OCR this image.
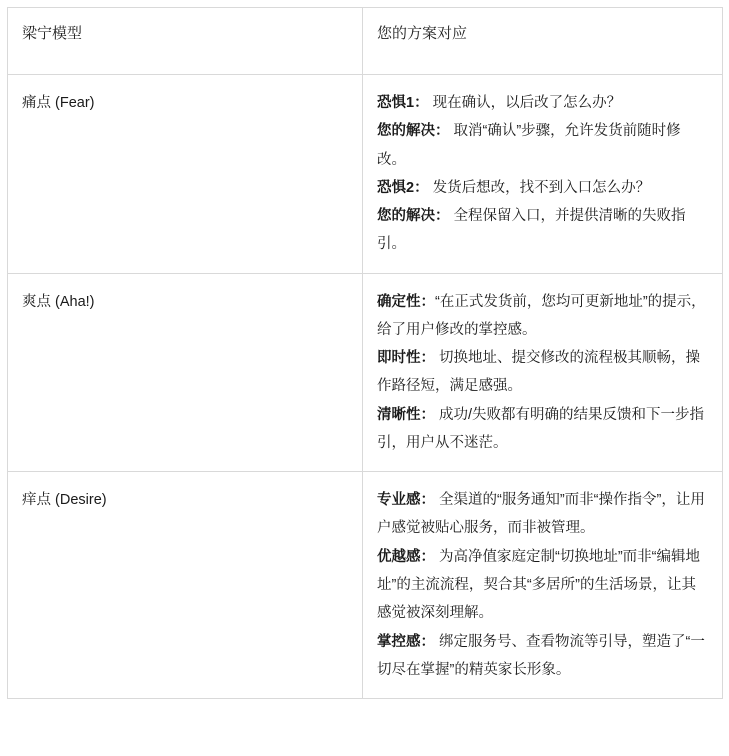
梁宁模型	您的方案对应
痛点 (Fear)	恐惧1： 现在确认，以后改了怎么办？

您的解决： 取消“确认”步骤，允许发货前随时修改。

恐惧2： 发货后想改，找不到入口怎么办？

您的解决： 全程保留入口，并提供清晰的失败指引。

爽点 (Aha!)	确定性：“在正式发货前，您均可更新地址”的提示，给了用户修改的掌控感。

即时性： 切换地址、提交修改的流程极其顺畅，操作路径短，满足感强。

清晰性： 成功/失败都有明确的结果反馈和下一步指引，用户从不迷茫。

痒点 (Desire)	专业感： 全渠道的“服务通知”而非“操作指令”，让用户感觉被贴心服务，而非被管理。

优越感： 为高净值家庭定制“切换地址”而非“编辑地址”的主流流程，契合其“多居所”的生活场景，让其感觉被深刻理解。

掌控感： 绑定服务号、查看物流等引导，塑造了“一切尽在掌握”的精英家长形象。
